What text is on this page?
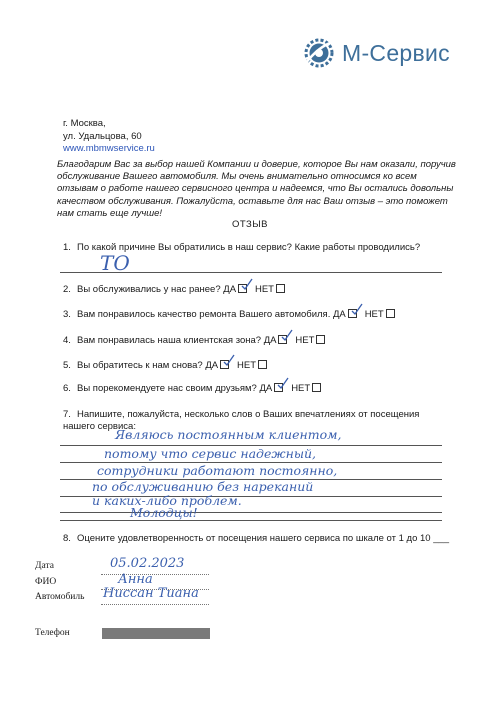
М-Сервис
г. Москва,
ул. Удальцова, 60
www.mbmwservice.ru
Благодарим Вас за выбор нашей Компании и доверие, которое Вы нам оказали, поручив обслуживание Вашего автомобиля. Мы очень внимательно относимся ко всем отзывам о работе нашего сервисного центра и надеемся, что Вы остались довольны качеством обслуживания. Пожалуйста, оставьте для нас Ваш отзыв – это поможет нам стать еще лучше!
ОТЗЫВ
1. По какой причине Вы обратились в наш сервис? Какие работы проводились?
ТО
2. Вы обслуживались у нас ранее? ДА НЕТ
3. Вам понравилось качество ремонта Вашего автомобиля. ДА НЕТ
4. Вам понравилась наша клиентская зона? ДА НЕТ
5. Вы обратитесь к нам снова? ДА НЕТ
6. Вы порекомендуете нас своим друзьям? ДА НЕТ
7. Напишите, пожалуйста, несколько слов о Ваших впечатлениях от посещения нашего сервиса:
Являюсь постоянным клиентом,
потому что сервис надежный,
сотрудники работают постоянно,
по обслуживанию без нареканий
и каких-либо проблем.
Молодцы!
8. Оцените удовлетворенность от посещения нашего сервиса по шкале от 1 до 10 ___
Дата	05.02.2023
ФИО	Анна
Автомобиль Ниссан Тиана
Телефон
